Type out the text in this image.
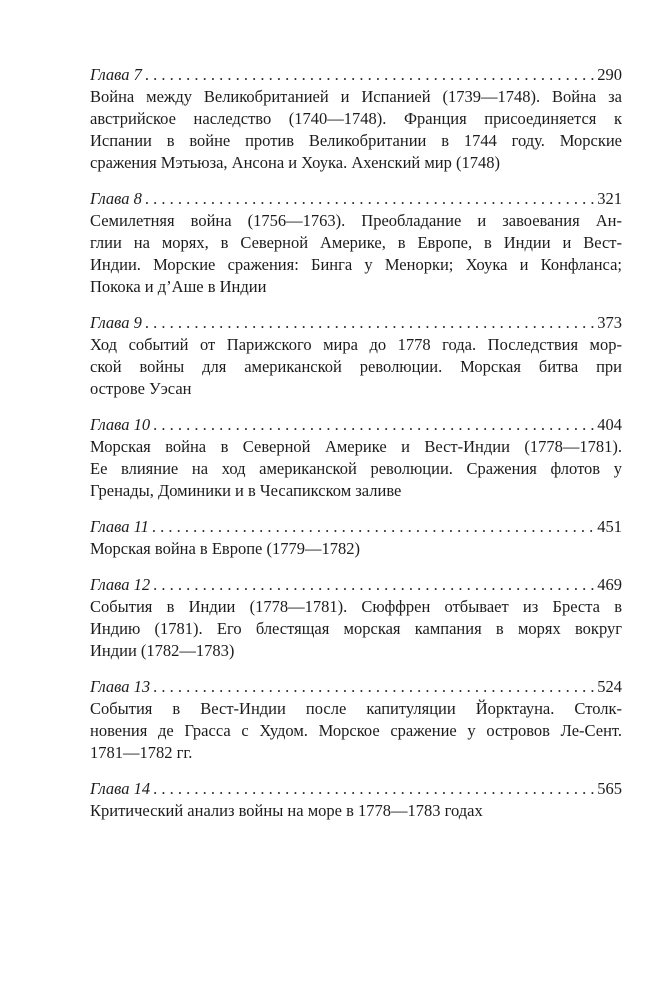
Глава 7 . . .	290
Война между Великобританией и Испанией (1739—1748). Война за
австрийское наследство (1740—1748). Франция присоединяется к
Испании в войне против Великобритании в 1744 году. Морские
сражения Мэтьюза, Ансона и Хоука. Ахенский мир (1748)
Глава 8 . . .	321
Семилетняя война (1756—1763). Преобладание и завоевания Ан-
глии на морях, в Северной Америке, в Европе, в Индии и Вест-
Индии. Морские сражения: Бинга у Менорки; Хоука и Конфланса;
Покока и д’Аше в Индии
Глава 9 . . .	373
Ход событий от Парижского мира до 1778 года. Последствия мор-
ской войны для американской революции. Морская битва при
острове Уэсан
Глава 10 . . .	404
Морская война в Северной Америке и Вест-Индии (1778—1781).
Ее влияние на ход американской революции. Сражения флотов у
Гренады, Доминики и в Чесапикском заливе
Глава 11 . . .	451
Морская война в Европе (1779—1782)
Глава 12 . . .	469
События в Индии (1778—1781). Сюффрен отбывает из Бреста в
Индию (1781). Его блестящая морская кампания в морях вокруг
Индии (1782—1783)
Глава 13 . . .	524
События в Вест-Индии после капитуляции Йорктауна. Столк-
новения де Грасса с Худом. Морское сражение у островов Ле-Сент.
1781—1782 гг.
Глава 14 . . .	565
Критический анализ войны на море в 1778—1783 годах
